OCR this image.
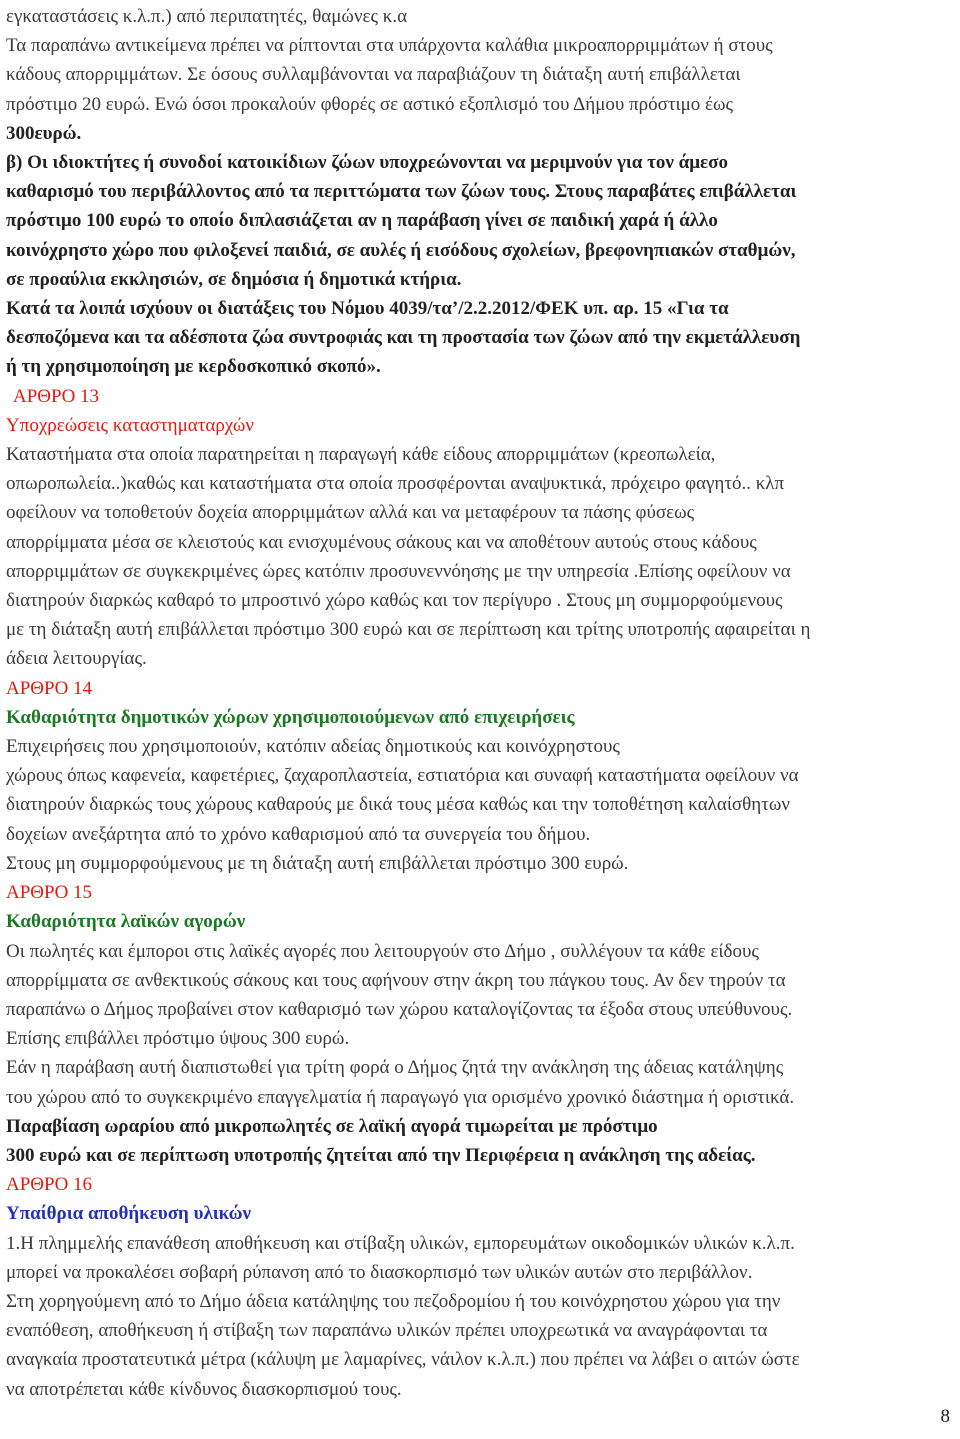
εγκαταστάσεις κ.λ.π.) από περιπατητές, θαμώνες κ.α
Τα παραπάνω αντικείμενα πρέπει να ρίπτονται στα υπάρχοντα καλάθια μικροαπορριμμάτων ή στους
κάδους απορριμμάτων. Σε όσους συλλαμβάνονται να παραβιάζουν τη διάταξη αυτή επιβάλλεται
πρόστιμο 20 ευρώ. Ενώ όσοι προκαλούν φθορές σε αστικό εξοπλισμό του Δήμου πρόστιμο έως
300ευρώ.
β) Οι ιδιοκτήτες ή συνοδοί κατοικίδιων ζώων υποχρεώνονται να μεριμνούν για τον άμεσο
καθαρισμό του περιβάλλοντος από τα περιττώματα των ζώων τους. Στους παραβάτες επιβάλλεται
πρόστιμο 100 ευρώ το οποίο διπλασιάζεται αν η παράβαση γίνει σε παιδική χαρά ή άλλο
κοινόχρηστο χώρο που φιλοξενεί παιδιά, σε αυλές ή εισόδους σχολείων, βρεφονηπιακών σταθμών,
σε προαύλια εκκλησιών, σε δημόσια ή δημοτικά κτήρια.
Κατά τα λοιπά ισχύουν οι διατάξεις του Νόμου 4039/τα’/2.2.2012/ΦΕΚ υπ. αρ. 15 «Για τα
δεσποζόμενα και τα αδέσποτα ζώα συντροφιάς και τη προστασία των ζώων από την εκμετάλλευση
ή τη χρησιμοποίηση με κερδοσκοπικό σκοπό».
ΑΡΘΡΟ 13
Υποχρεώσεις καταστηματαρχών
Καταστήματα στα οποία παρατηρείται η παραγωγή κάθε είδους απορριμμάτων (κρεοπωλεία,
οπωροπωλεία..)καθώς και καταστήματα στα οποία προσφέρονται αναψυκτικά, πρόχειρο φαγητό.. κλπ
οφείλουν να τοποθετούν δοχεία απορριμμάτων αλλά και να μεταφέρουν τα πάσης φύσεως
απορρίμματα μέσα σε κλειστούς και ενισχυμένους σάκους και να αποθέτουν αυτούς στους κάδους
απορριμμάτων σε συγκεκριμένες ώρες κατόπιν προσυνεννόησης με την υπηρεσία .Επίσης οφείλουν να
διατηρούν διαρκώς καθαρό το μπροστινό χώρο καθώς και τον περίγυρο . Στους μη συμμορφούμενους
με τη διάταξη αυτή επιβάλλεται πρόστιμο 300 ευρώ και σε περίπτωση και τρίτης υποτροπής αφαιρείται η
άδεια λειτουργίας.
ΑΡΘΡΟ 14
Καθαριότητα δημοτικών χώρων χρησιμοποιούμενων από επιχειρήσεις
Επιχειρήσεις που χρησιμοποιούν, κατόπιν αδείας δημοτικούς και κοινόχρηστους
χώρους όπως καφενεία, καφετέριες, ζαχαροπλαστεία, εστιατόρια και συναφή καταστήματα οφείλουν να
διατηρούν διαρκώς τους χώρους καθαρούς με δικά τους μέσα καθώς και την τοποθέτηση καλαίσθητων
δοχείων ανεξάρτητα από το χρόνο καθαρισμού από τα συνεργεία του δήμου.
Στους μη συμμορφούμενους με τη διάταξη αυτή επιβάλλεται πρόστιμο 300 ευρώ.
ΑΡΘΡΟ 15
Καθαριότητα λαϊκών αγορών
Οι πωλητές και έμποροι στις λαϊκές αγορές που λειτουργούν στο Δήμο , συλλέγουν τα κάθε είδους
απορρίμματα σε ανθεκτικούς σάκους και τους αφήνουν στην άκρη του πάγκου τους. Αν δεν τηρούν τα
παραπάνω ο Δήμος προβαίνει στον καθαρισμό των χώρου καταλογίζοντας τα έξοδα στους υπεύθυνους.
Επίσης επιβάλλει πρόστιμο ύψους 300 ευρώ.
Εάν η παράβαση αυτή διαπιστωθεί για τρίτη φορά ο Δήμος ζητά την ανάκληση της άδειας κατάληψης
του χώρου από το συγκεκριμένο επαγγελματία ή παραγωγό για ορισμένο χρονικό διάστημα ή οριστικά.
Παραβίαση ωραρίου από μικροπωλητές σε λαϊκή αγορά τιμωρείται με πρόστιμο
300 ευρώ και σε περίπτωση υποτροπής ζητείται από την Περιφέρεια η ανάκληση της αδείας.
ΑΡΘΡΟ 16
Υπαίθρια αποθήκευση υλικών
1.Η πλημμελής επανάθεση αποθήκευση και στίβαξη υλικών, εμπορευμάτων οικοδομικών υλικών κ.λ.π.
μπορεί να προκαλέσει σοβαρή ρύπανση από το διασκορπισμό των υλικών αυτών στο περιβάλλον.
Στη χορηγούμενη από το Δήμο άδεια κατάληψης του πεζοδρομίου ή του κοινόχρηστου χώρου για την
εναπόθεση, αποθήκευση ή στίβαξη των παραπάνω υλικών πρέπει υποχρεωτικά να αναγράφονται τα
αναγκαία προστατευτικά μέτρα (κάλυψη με λαμαρίνες, νάιλον κ.λ.π.) που πρέπει να λάβει ο αιτών ώστε
να αποτρέπεται κάθε κίνδυνος διασκορπισμού τους.
8
